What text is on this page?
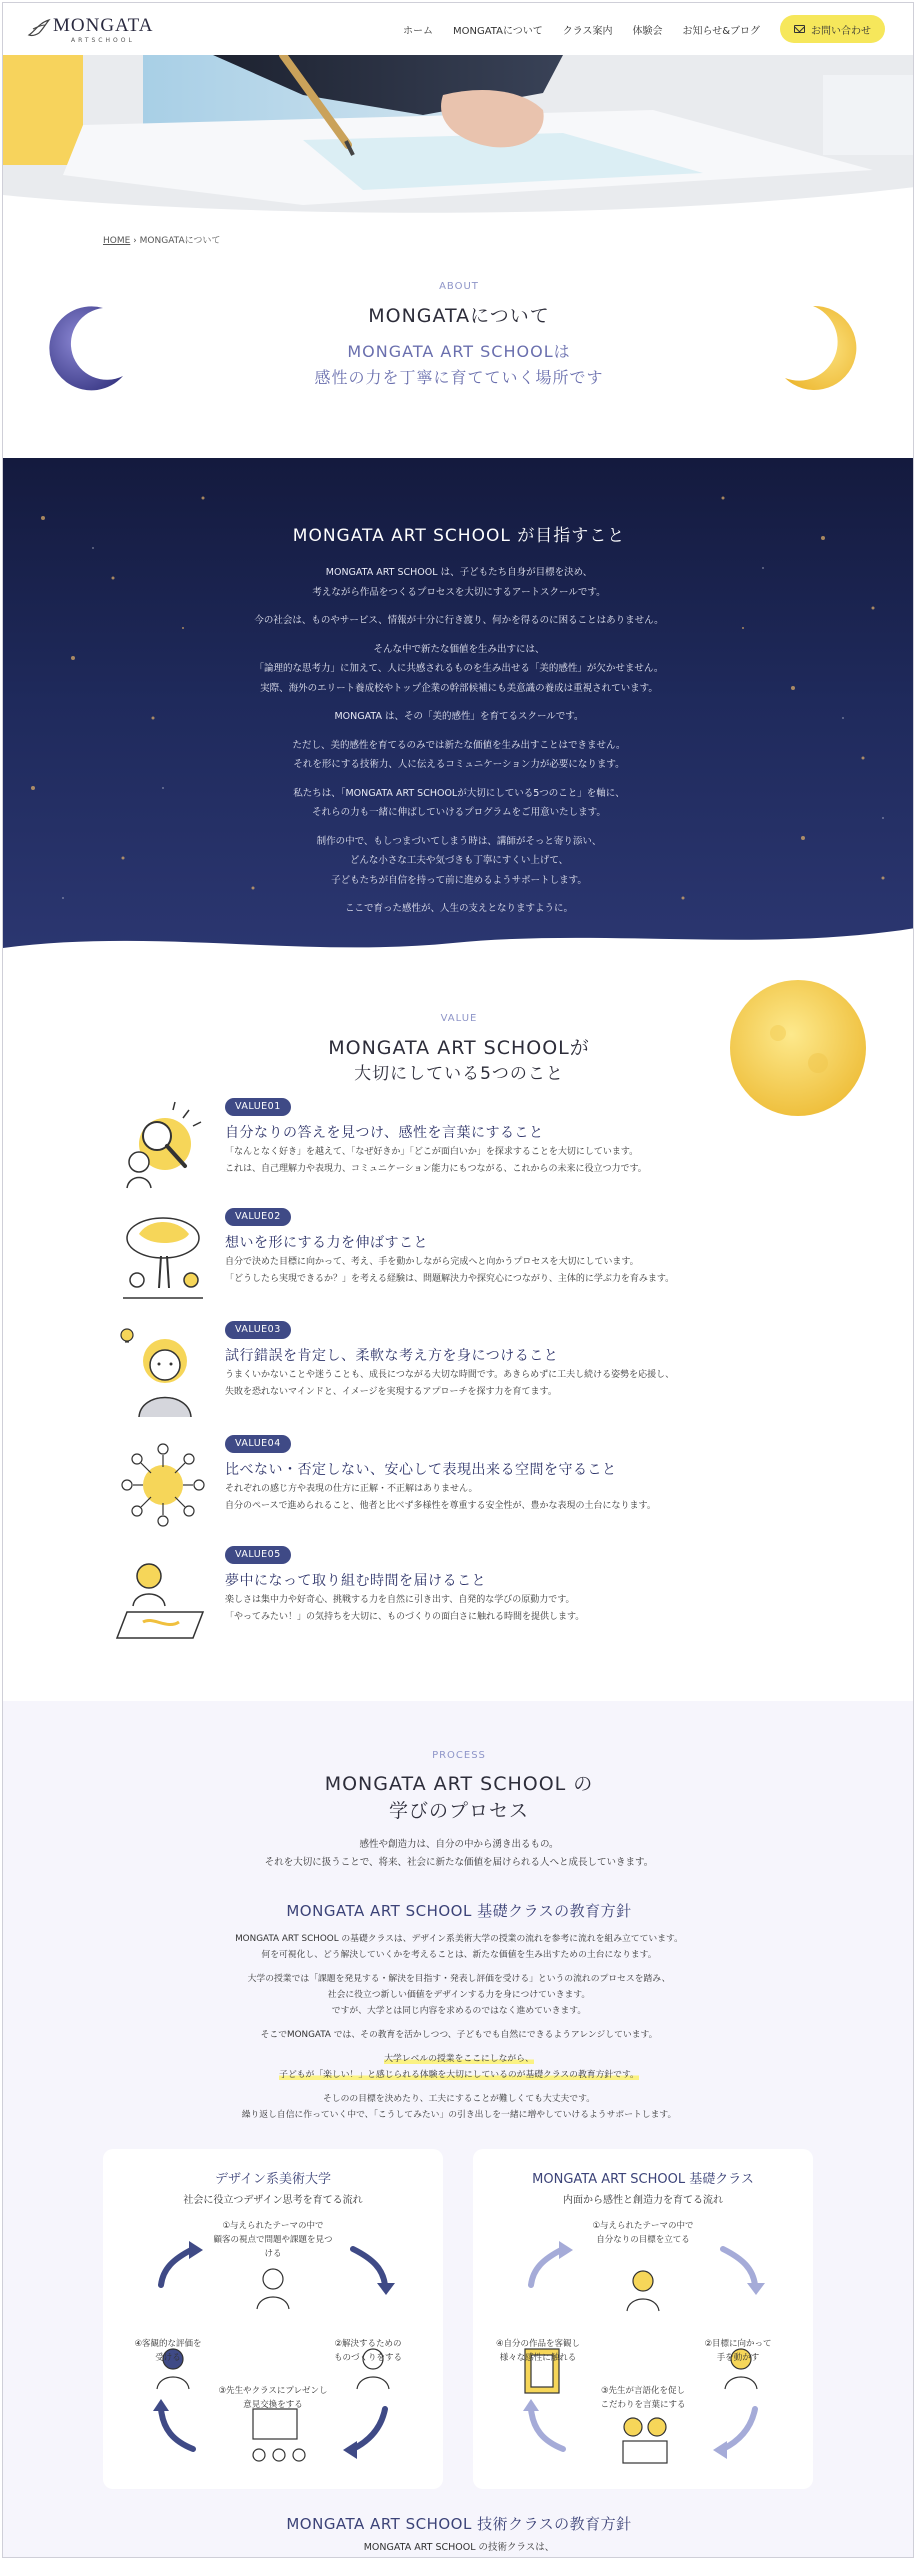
MONGATA
ARTSCHOOL
ホーム MONGATAについて クラス案内 体験会 お知らせ&ブログ	お問い合わせ
HOME › MONGATAについて
ABOUT
MONGATAについて
MONGATA ART SCHOOLは
感性の力を丁寧に育てていく場所です
MONGATA ART SCHOOL が目指すこと

MONGATA ART SCHOOL は、子どもたち自身が目標を決め、
考えながら作品をつくるプロセスを大切にするアートスクールです。

今の社会は、ものやサービス、情報が十分に行き渡り、何かを得るのに困ることはありません。

そんな中で新たな価値を生み出すには、
「論理的な思考力」に加えて、人に共感されるものを生み出せる「美的感性」が欠かせません。
実際、海外のエリート養成校やトップ企業の幹部候補にも美意識の養成は重視されています。

MONGATA は、その「美的感性」を育てるスクールです。

ただし、美的感性を育てるのみでは新たな価値を生み出すことはできません。
それを形にする技術力、人に伝えるコミュニケーション力が必要になります。

私たちは、「MONGATA ART SCHOOLが大切にしている5つのこと」を軸に、
それらの力も一緒に伸ばしていけるプログラムをご用意いたします。

制作の中で、もしつまづいてしまう時は、講師がそっと寄り添い、
どんな小さな工夫や気づきも丁寧にすくい上げて、
子どもたちが自信を持って前に進めるようサポートします。

ここで育った感性が、人生の支えとなりますように。

VALUE
MONGATA ART SCHOOLが
大切にしている5つのこと
VALUE01
自分なりの答えを見つけ、感性を言葉にすること
「なんとなく好き」を越えて、「なぜ好きか」「どこが面白いか」を探求することを大切にしています。
これは、自己理解力や表現力、コミュニケーション能力にもつながる、これからの未来に役立つ力です。
VALUE02
想いを形にする力を伸ばすこと
自分で決めた目標に向かって、考え、手を動かしながら完成へと向かうプロセスを大切にしています。
「どうしたら実現できるか？」を考える経験は、問題解決力や探究心につながり、主体的に学ぶ力を育みます。
VALUE03
試行錯誤を肯定し、柔軟な考え方を身につけること
うまくいかないことや迷うことも、成長につながる大切な時間です。あきらめずに工夫し続ける姿勢を応援し、
失敗を恐れないマインドと、イメージを実現するアプローチを探す力を育てます。
VALUE04
比べない・否定しない、安心して表現出来る空間を守ること
それぞれの感じ方や表現の仕方に正解・不正解はありません。
自分のペースで進められること、他者と比べず多様性を尊重する安全性が、豊かな表現の土台になります。
VALUE05
夢中になって取り組む時間を届けること
楽しさは集中力や好奇心、挑戦する力を自然に引き出す、自発的な学びの原動力です。
「やってみたい！」の気持ちを大切に、ものづくりの面白さに触れる時間を提供します。
PROCESS
MONGATA ART SCHOOL の
学びのプロセス
感性や創造力は、自分の中から湧き出るもの。
それを大切に扱うことで、将来、社会に新たな価値を届けられる人へと成長していきます。
MONGATA ART SCHOOL 基礎クラスの教育方針
MONGATA ART SCHOOL の基礎クラスは、デザイン系美術大学の授業の流れを参考に流れを組み立てています。
何を可視化し、どう解決していくかを考えることは、新たな価値を生み出すための土台になります。
大学の授業では「課題を発見する・解決を目指す・発表し評価を受ける」というの流れのプロセスを踏み、
社会に役立つ新しい価値をデザインする力を身につけていきます。
ですが、大学とは同じ内容を求めるのではなく進めていきます。
そこでMONGATA では、その教育を活かしつつ、子どもでも自然にできるようアレンジしています。
大学レベルの授業をここにしながら、
子どもが「楽しい！」と感じられる体験を大切にしているのが基礎クラスの教育方針です。
そしのの目標を決めたり、工夫にすることが難しくても大丈夫です。
繰り返し自信に作っていく中で、「こうしてみたい」の引き出しを一緒に増やしていけるようサポートします。
デザイン系美術大学
社会に役立つデザイン思考を育てる流れ
①与えられたテーマの中で
顧客の視点で問題や課題を見つける
②解決するための
ものづくりをする
③先生やクラスにプレゼンし
意見交換をする
④客観的な評価を
受ける
MONGATA ART SCHOOL 基礎クラス
内面から感性と創造力を育てる流れ
①与えられたテーマの中で
自分なりの目標を立てる
②目標に向かって
手を動かす
③先生が言語化を促し
こだわりを言葉にする
④自分の作品を客観し
様々な感性に触れる
MONGATA ART SCHOOL 技術クラスの教育方針
MONGATA ART SCHOOL の技術クラスは、
